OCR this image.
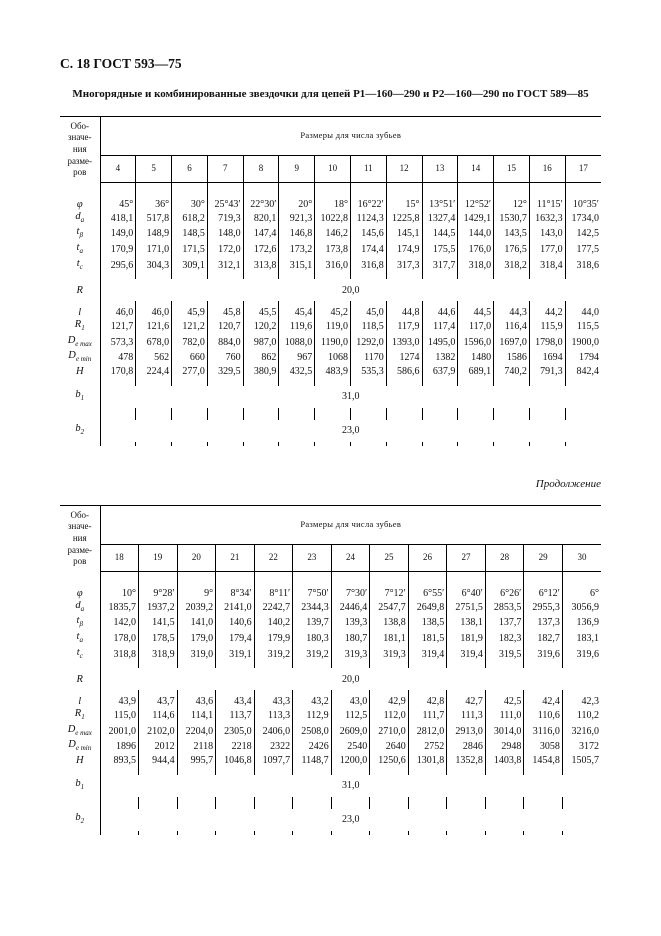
С. 18 ГОСТ 593—75
Многорядные и комбинированные звездочки для цепей Р1—160—290 и Р2—160—290 по ГОСТ 589—85
Обо-
значе-
ния
разме-
ров	Размеры для числа зубьев													
	4	5	6	7	8	9	10	11	12	13	14	15	16	17

φ	45°	36°	30°	25°43′	22°30′	20°	18°	16°22′	15°	13°51′	12°52′	12°	11°15′	10°35′
$d_a$	418,1	517,8	618,2	719,3	820,1	921,3	1022,8	1124,3	1225,8	1327,4	1429,1	1530,7	1632,3	1734,0
$t_\beta$	149,0	148,9	148,5	148,0	147,4	146,8	146,2	145,6	145,1	144,5	144,0	143,5	143,0	142,5
$t_a$	170,9	171,0	171,5	172,0	172,6	173,2	173,8	174,4	174,9	175,5	176,0	176,5	177,0	177,5
$t_c$	295,6	304,3	309,1	312,1	313,8	315,1	316,0	316,8	317,3	317,7	318,0	318,2	318,4	318,6

R	20,0													

l	46,0	46,0	45,9	45,8	45,5	45,4	45,2	45,0	44,8	44,6	44,5	44,3	44,2	44,0
$R_1$	121,7	121,6	121,2	120,7	120,2	119,6	119,0	118,5	117,9	117,4	117,0	116,4	115,9	115,5
$D_{e max}$	573,3	678,0	782,0	884,0	987,0	1088,0	1190,0	1292,0	1393,0	1495,0	1596,0	1697,0	1798,0	1900,0
$D_{e min}$	478	562	660	760	862	967	1068	1170	1274	1382	1480	1586	1694	1794
H	170,8	224,4	277,0	329,5	380,9	432,5	483,9	535,3	586,6	637,9	689,1	740,2	791,3	842,4

$b_1$	31,0													

$b_2$	23,0													

Продолжение
Обо-
значе-
ния
разме-
ров	Размеры для числа зубьев												
	18	19	20	21	22	23	24	25	26	27	28	29	30

φ	10°	9°28′	9°	8°34′	8°11′	7°50′	7°30′	7°12′	6°55′	6°40′	6°26′	6°12′	6°
$d_a$	1835,7	1937,2	2039,2	2141,0	2242,7	2344,3	2446,4	2547,7	2649,8	2751,5	2853,5	2955,3	3056,9
$t_\beta$	142,0	141,5	141,0	140,6	140,2	139,7	139,3	138,8	138,5	138,1	137,7	137,3	136,9
$t_a$	178,0	178,5	179,0	179,4	179,9	180,3	180,7	181,1	181,5	181,9	182,3	182,7	183,1
$t_c$	318,8	318,9	319,0	319,1	319,2	319,2	319,3	319,3	319,4	319,4	319,5	319,6	319,6

R	20,0												

l	43,9	43,7	43,6	43,4	43,3	43,2	43,0	42,9	42,8	42,7	42,5	42,4	42,3
$R_1$	115,0	114,6	114,1	113,7	113,3	112,9	112,5	112,0	111,7	111,3	111,0	110,6	110,2
$D_{e max}$	2001,0	2102,0	2204,0	2305,0	2406,0	2508,0	2609,0	2710,0	2812,0	2913,0	3014,0	3116,0	3216,0
$D_{e min}$	1896	2012	2118	2218	2322	2426	2540	2640	2752	2846	2948	3058	3172
H	893,5	944,4	995,7	1046,8	1097,7	1148,7	1200,0	1250,6	1301,8	1352,8	1403,8	1454,8	1505,7

$b_1$	31,0												

$b_2$	23,0												
